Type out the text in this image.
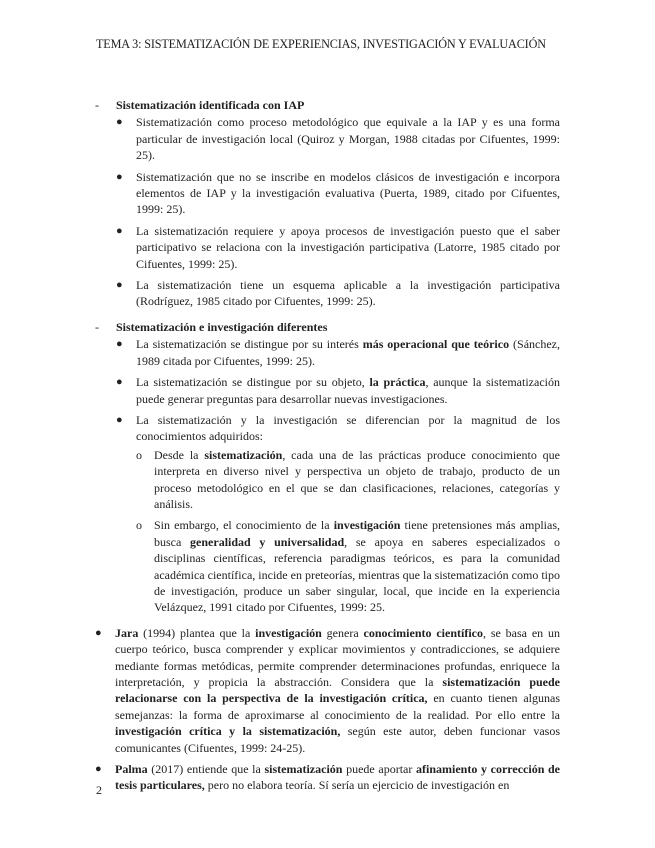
TEMA 3: SISTEMATIZACIÓN DE EXPERIENCIAS, INVESTIGACIÓN Y EVALUACIÓN
- Sistematización identificada con IAP
● Sistematización como proceso metodológico que equivale a la IAP y es una forma particular de investigación local (Quiroz y Morgan, 1988 citadas por Cifuentes, 1999: 25).
● Sistematización que no se inscribe en modelos clásicos de investigación e incorpora elementos de IAP y la investigación evaluativa (Puerta, 1989, citado por Cifuentes, 1999: 25).
● La sistematización requiere y apoya procesos de investigación puesto que el saber participativo se relaciona con la investigación participativa (Latorre, 1985 citado por Cifuentes, 1999: 25).
● La sistematización tiene un esquema aplicable a la investigación participativa (Rodríguez, 1985 citado por Cifuentes, 1999: 25).
- Sistematización e investigación diferentes
● La sistematización se distingue por su interés más operacional que teórico (Sánchez, 1989 citada por Cifuentes, 1999: 25).
● La sistematización se distingue por su objeto, la práctica, aunque la sistematización puede generar preguntas para desarrollar nuevas investigaciones.
● La sistematización y la investigación se diferencian por la magnitud de los conocimientos adquiridos:
o Desde la sistematización, cada una de las prácticas produce conocimiento que interpreta en diverso nivel y perspectiva un objeto de trabajo, producto de un proceso metodológico en el que se dan clasificaciones, relaciones, categorías y análisis.
o Sin embargo, el conocimiento de la investigación tiene pretensiones más amplias, busca generalidad y universalidad, se apoya en saberes especializados o disciplinas científicas, referencia paradigmas teóricos, es para la comunidad académica científica, incide en preteorías, mientras que la sistematización como tipo de investigación, produce un saber singular, local, que incide en la experiencia Velázquez, 1991 citado por Cifuentes, 1999: 25.
● Jara (1994) plantea que la investigación genera conocimiento científico, se basa en un cuerpo teórico, busca comprender y explicar movimientos y contradicciones, se adquiere mediante formas metódicas, permite comprender determinaciones profundas, enriquece la interpretación, y propicia la abstracción. Considera que la sistematización puede relacionarse con la perspectiva de la investigación crítica, en cuanto tienen algunas semejanzas: la forma de aproximarse al conocimiento de la realidad. Por ello entre la investigación crítica y la sistematización, según este autor, deben funcionar vasos comunicantes (Cifuentes, 1999: 24-25).
● Palma (2017) entiende que la sistematización puede aportar afinamiento y corrección de tesis particulares, pero no elabora teoría. Sí sería un ejercicio de investigación en
2
